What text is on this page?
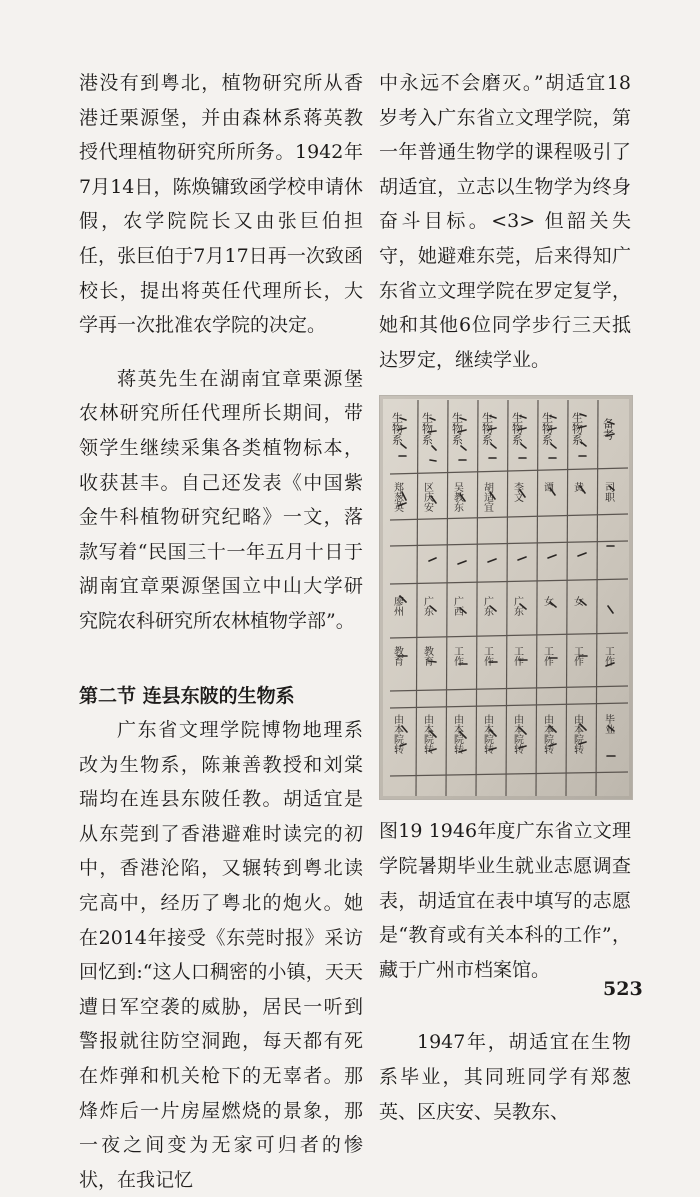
港没有到粤北，植物研究所从香港迁栗源堡，并由森林系蒋英教授代理植物研究所所务。1942年7月14日，陈焕镛致函学校申请休假，农学院院长又由张巨伯担任，张巨伯于7月17日再一次致函校长，提出将英任代理所长，大学再一次批准农学院的决定。

蒋英先生在湖南宜章栗源堡农林研究所任代理所长期间，带领学生继续采集各类植物标本，收获甚丰。自己还发表《中国紫金牛科植物研究纪略》一文，落款写着“民国三十一年五月十日于湖南宜章栗源堡国立中山大学研究院农科研究所农林植物学部”。

第二节 连县东陂的生物系

广东省文理学院博物地理系改为生物系，陈兼善教授和刘棠瑞均在连县东陂任教。胡适宜是从东莞到了香港避难时读完的初中，香港沦陷，又辗转到粤北读完高中，经历了粤北的炮火。她在2014年接受《东莞时报》采访回忆到:“这人口稠密的小镇，天天遭日军空袭的威胁，居民一听到警报就往防空洞跑，每天都有死在炸弹和机关枪下的无辜者。那烽炸后一片房屋燃烧的景象，那一夜之间变为无家可归者的惨状，在我记忆

中永远不会磨灭。”胡适宜18岁考入广东省立文理学院，第一年普通生物学的课程吸引了胡适宜，立志以生物学为终身奋斗目标。<3> 但韶关失守，她避难东莞，后来得知广东省立文理学院在罗定复学，她和其他6位同学步行三天抵达罗定，继续学业。

生物系 生物系 生物系 生物系 生物系 生物系 生物系 备考
郑葱英 区庆安 吴教东 胡适宜 李文 谭 黄 司职
廖州 广东 广西 广东 广东 女 女
教育 教育 工作 工作 工作 工作 工作 工作
由本院转 由本院转 由本院转 由本院转 由本院转 由本院转 由本院转 毕业

图19 1946年度广东省立文理学院暑期毕业生就业志愿调查表，胡适宜在表中填写的志愿是“教育或有关本科的工作”，藏于广州市档案馆。

1947年，胡适宜在生物系毕业，其同班同学有郑葱英、区庆安、吴教东、

523
